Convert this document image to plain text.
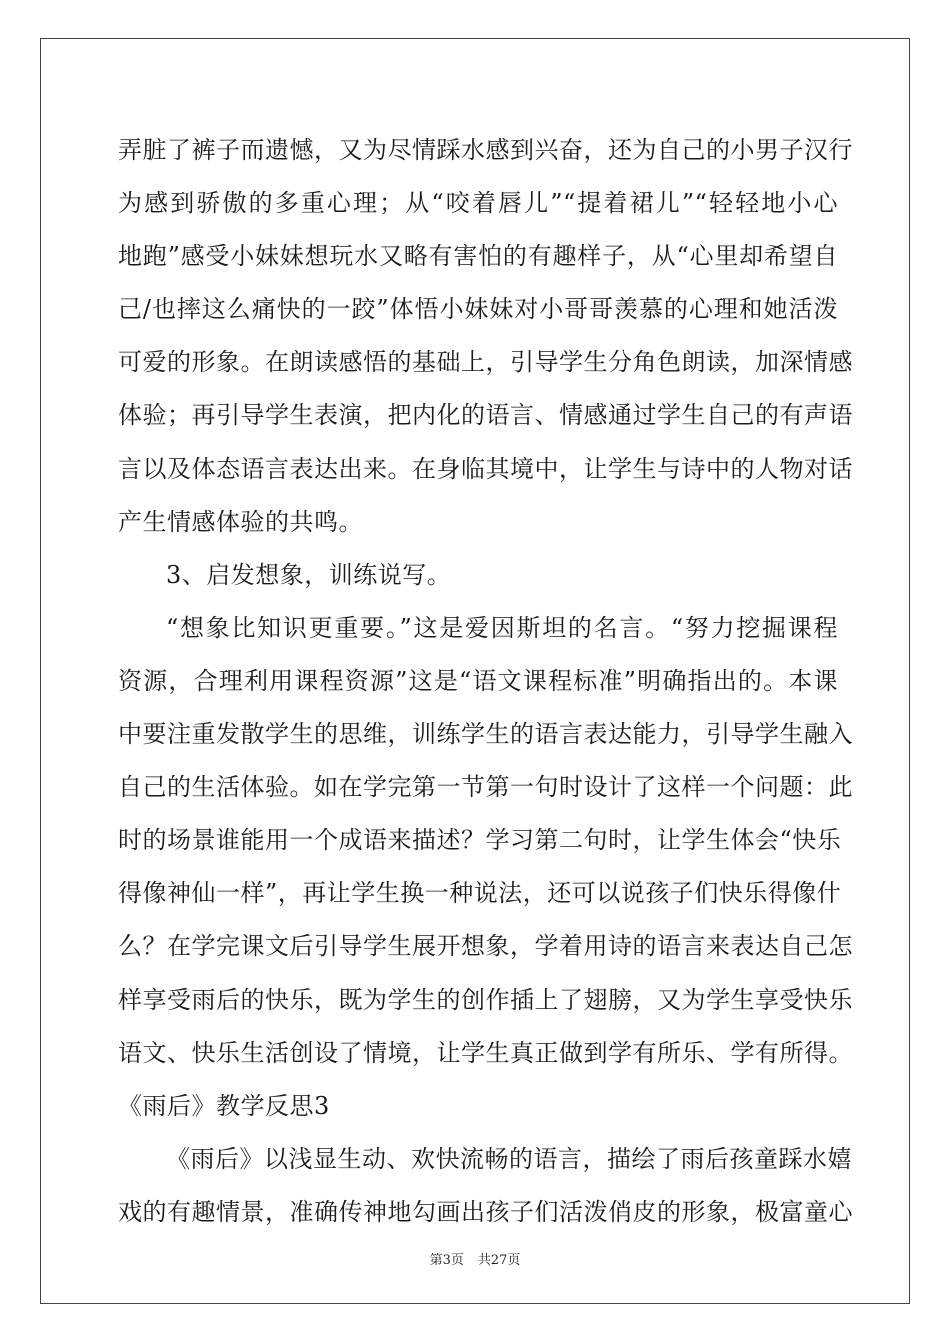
弄脏了裤子而遗憾，又为尽情踩水感到兴奋，还为自己的小男子汉行
为感到骄傲的多重心理；从“咬着唇儿”“提着裙儿”“轻轻地小心
地跑”感受小妹妹想玩水又略有害怕的有趣样子，从“心里却希望自
己/也摔这么痛快的一跤”体悟小妹妹对小哥哥羡慕的心理和她活泼
可爱的形象。在朗读感悟的基础上，引导学生分角色朗读，加深情感
体验；再引导学生表演，把内化的语言、情感通过学生自己的有声语
言以及体态语言表达出来。在身临其境中，让学生与诗中的人物对话
产生情感体验的共鸣。
3、启发想象，训练说写。
“想象比知识更重要。”这是爱因斯坦的名言。“努力挖掘课程
资源，合理利用课程资源”这是“语文课程标准”明确指出的。本课
中要注重发散学生的思维，训练学生的语言表达能力，引导学生融入
自己的生活体验。如在学完第一节第一句时设计了这样一个问题：此
时的场景谁能用一个成语来描述？学习第二句时，让学生体会“快乐
得像神仙一样”，再让学生换一种说法，还可以说孩子们快乐得像什
么？在学完课文后引导学生展开想象，学着用诗的语言来表达自己怎
样享受雨后的快乐，既为学生的创作插上了翅膀，又为学生享受快乐
语文、快乐生活创设了情境，让学生真正做到学有所乐、学有所得。
《雨后》教学反思3
《雨后》以浅显生动、欢快流畅的语言，描绘了雨后孩童踩水嬉
戏的有趣情景，准确传神地勾画出孩子们活泼俏皮的形象，极富童心
第3页 共27页
